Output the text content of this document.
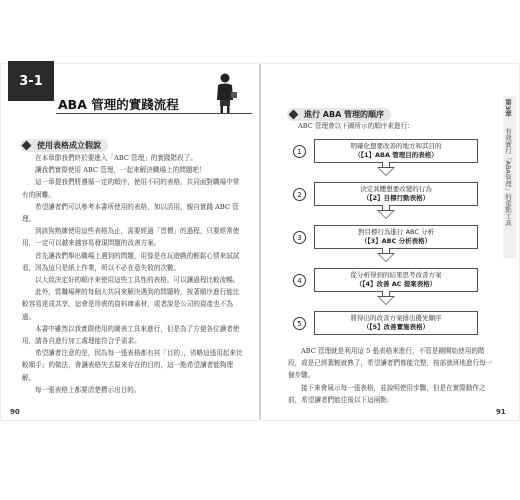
3-1
ABA 管理的實踐流程
使用表格成立假說

在本章節我們終於要進入「ABC 管理」的實踐階段了。

讓我們實際使用 ABC 管理，一起來解決職場上的問題吧！

這一章提我們將遵循一定的順序，使用不同的表格，共同面對職場中常有的困難。

希望讀者們可以參考本書所使用的表格，加以活用，親自實踐 ABC 管理。

到該狗熟練使用這些表格為止，需要經過「習慣」的過程，只要經常使用，一定可以越來越容易發現問題的改善方案。

首先讓我們舉出職場上遇到的問題，用像是在玩遊戲的輕鬆心情來試試看，因為這只是紙上作業，所以不必在意失敗的次數。

以大致決定好的順序來使用這些工具性的表格，可以讓過程比較流暢。

此外，當職場裡的每個人共同來解決遇到的問題時，按著順序進行能比較容易達成共享，這會是珍貴的資料庫素材，或者說是公司的資產也不為過。

本書中雖然以我實際使用的圖表工具來進行，但是為了方便各位讀者使用，請各自進行加工處理能符合乎需求。

希望讀者注意的是，因為每一張表格都有其「目的」，省略這張用起來比較順手」的做法，會讓表格失去原來存在的目的，這一點希望讀者能夠理解。

每一張表格上都要清楚標示出目的。

90
進行 ABA 管理的順序

ABC 管理會以下圖所示的順序來進行：

1
明確化想要改善的地方和其目的
（【1】ABA 管理目的表格）
2
決定具體想要改變的行為
（【2】目標行動表格）
3
對目標行為進行 ABC 分析
（【3】ABC 分析表格）
4
從分析得到的結果思考改善方案
（【4】改善 AC 提案表格）
5
將得出的改善方案排出優先順序
（【5】改善實施表格）

ABC 管理就是利用這 5 張表格來進行，不管是剛開始使用的階段，或是已經駕輕就熟了，希望讀者們都能完整，按部就班地進行每一個步驟。

接下來會展示每一張表格，並說明使用步驟，但是在實際動作之前，希望讀者們能往後以下這兩點：

第3章
有效實行「ABA管理」的重點工具
91
